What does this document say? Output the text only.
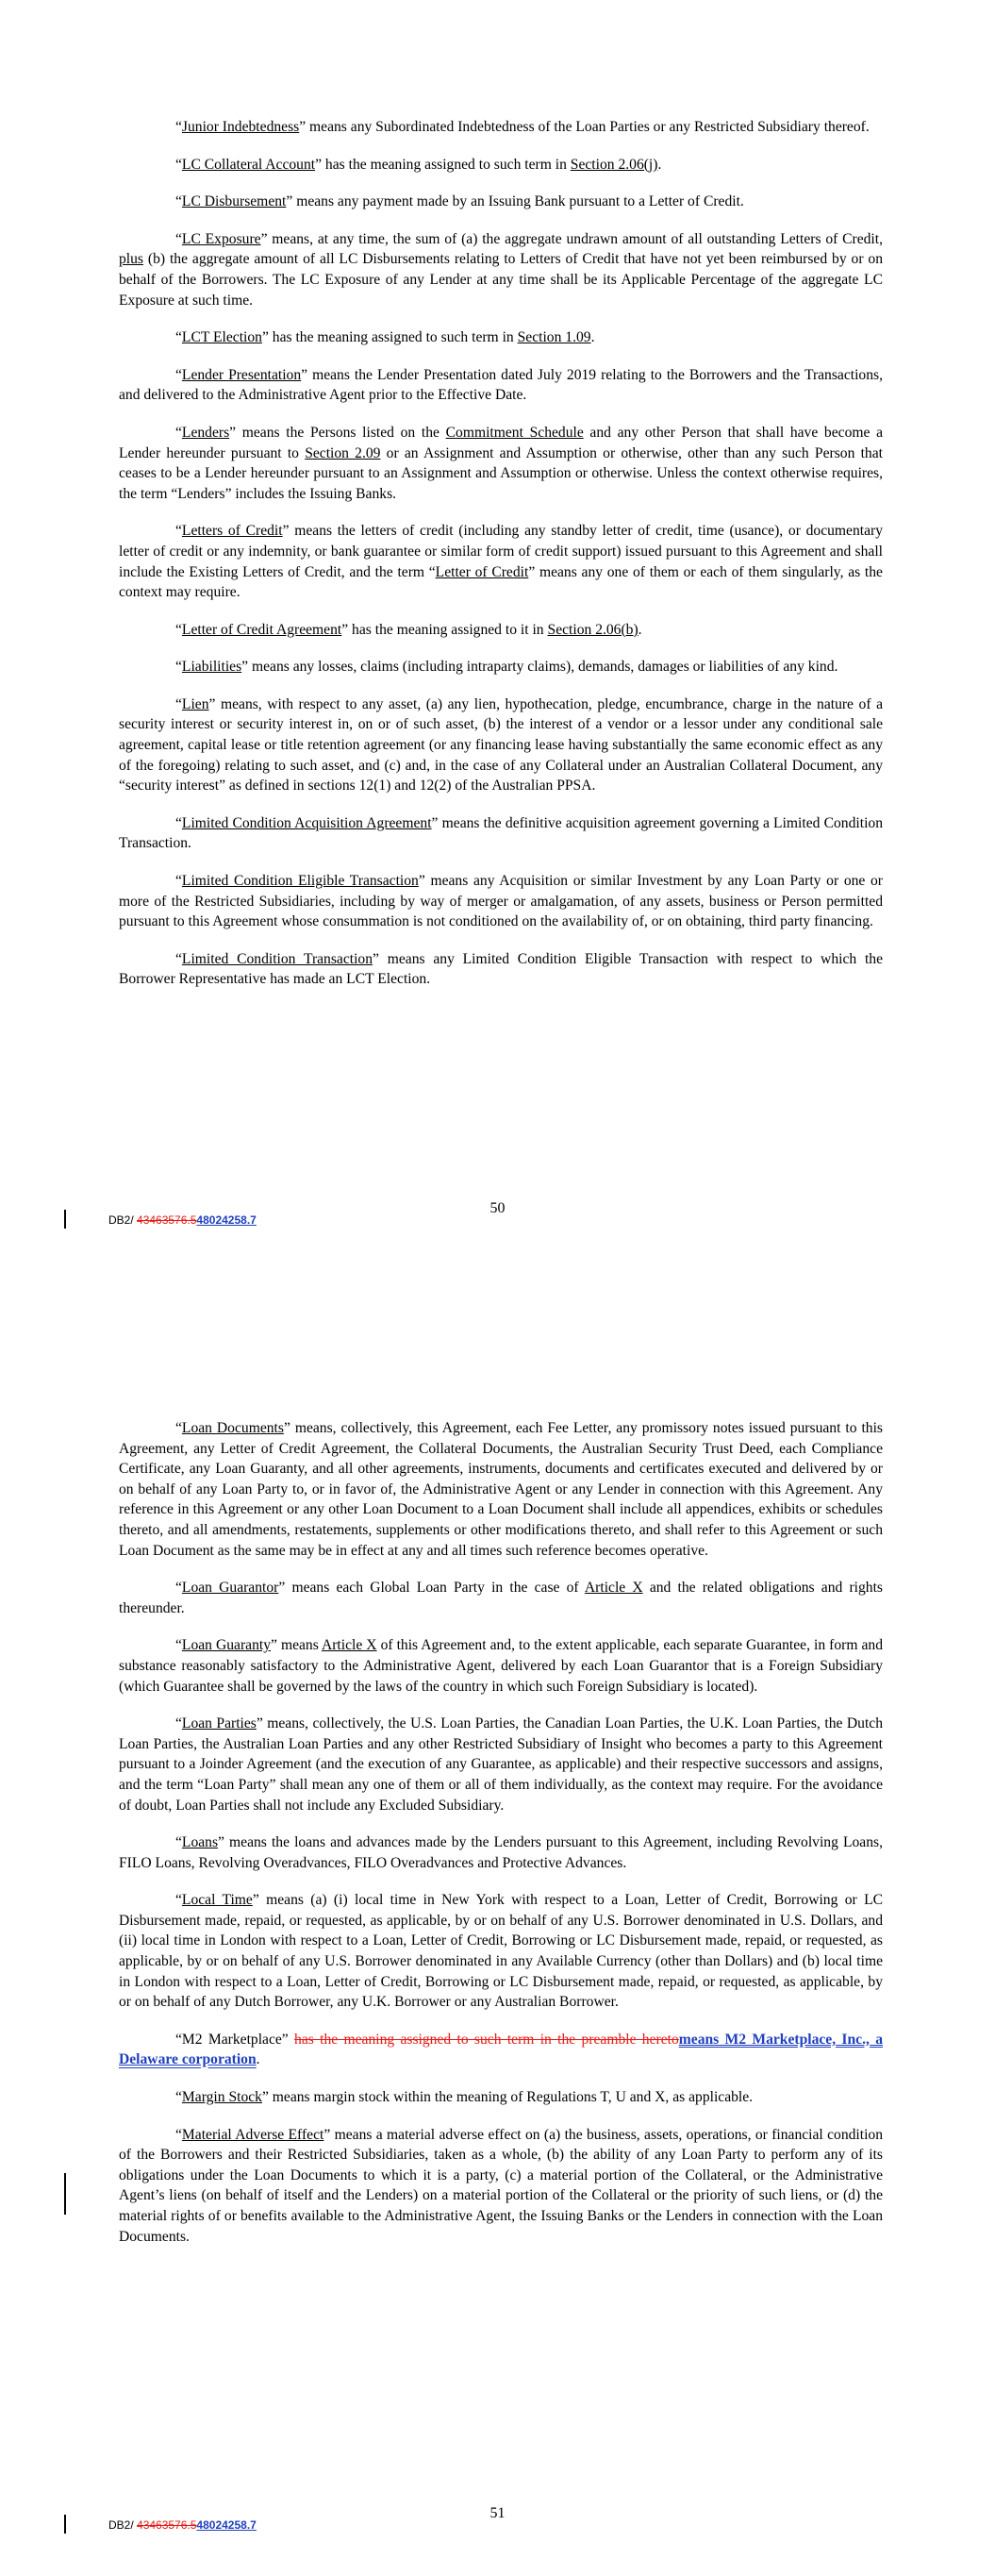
“Junior Indebtedness” means any Subordinated Indebtedness of the Loan Parties or any Restricted Subsidiary thereof.

“LC Collateral Account” has the meaning assigned to such term in Section 2.06(j).

“LC Disbursement” means any payment made by an Issuing Bank pursuant to a Letter of Credit.

“LC Exposure” means, at any time, the sum of (a) the aggregate undrawn amount of all outstanding Letters of Credit, plus (b) the aggregate amount of all LC Disbursements relating to Letters of Credit that have not yet been reimbursed by or on behalf of the Borrowers. The LC Exposure of any Lender at any time shall be its Applicable Percentage of the aggregate LC Exposure at such time.

“LCT Election” has the meaning assigned to such term in Section 1.09.

“Lender Presentation” means the Lender Presentation dated July 2019 relating to the Borrowers and the Transactions, and delivered to the Administrative Agent prior to the Effective Date.

“Lenders” means the Persons listed on the Commitment Schedule and any other Person that shall have become a Lender hereunder pursuant to Section 2.09 or an Assignment and Assumption or otherwise, other than any such Person that ceases to be a Lender hereunder pursuant to an Assignment and Assumption or otherwise. Unless the context otherwise requires, the term “Lenders” includes the Issuing Banks.

“Letters of Credit” means the letters of credit (including any standby letter of credit, time (usance), or documentary letter of credit or any indemnity, or bank guarantee or similar form of credit support) issued pursuant to this Agreement and shall include the Existing Letters of Credit, and the term “Letter of Credit” means any one of them or each of them singularly, as the context may require.

“Letter of Credit Agreement” has the meaning assigned to it in Section 2.06(b).

“Liabilities” means any losses, claims (including intraparty claims), demands, damages or liabilities of any kind.

“Lien” means, with respect to any asset, (a) any lien, hypothecation, pledge, encumbrance, charge in the nature of a security interest or security interest in, on or of such asset, (b) the interest of a vendor or a lessor under any conditional sale agreement, capital lease or title retention agreement (or any financing lease having substantially the same economic effect as any of the foregoing) relating to such asset, and (c) and, in the case of any Collateral under an Australian Collateral Document, any “security interest” as defined in sections 12(1) and 12(2) of the Australian PPSA.

“Limited Condition Acquisition Agreement” means the definitive acquisition agreement governing a Limited Condition Transaction.

“Limited Condition Eligible Transaction” means any Acquisition or similar Investment by any Loan Party or one or more of the Restricted Subsidiaries, including by way of merger or amalgamation, of any assets, business or Person permitted pursuant to this Agreement whose consummation is not conditioned on the availability of, or on obtaining, third party financing.

“Limited Condition Transaction” means any Limited Condition Eligible Transaction with respect to which the Borrower Representative has made an LCT Election.

DB2/ 43463576.548024258.7
50

“Loan Documents” means, collectively, this Agreement, each Fee Letter, any promissory notes issued pursuant to this Agreement, any Letter of Credit Agreement, the Collateral Documents, the Australian Security Trust Deed, each Compliance Certificate, any Loan Guaranty, and all other agreements, instruments, documents and certificates executed and delivered by or on behalf of any Loan Party to, or in favor of, the Administrative Agent or any Lender in connection with this Agreement. Any reference in this Agreement or any other Loan Document to a Loan Document shall include all appendices, exhibits or schedules thereto, and all amendments, restatements, supplements or other modifications thereto, and shall refer to this Agreement or such Loan Document as the same may be in effect at any and all times such reference becomes operative.

“Loan Guarantor” means each Global Loan Party in the case of Article X and the related obligations and rights thereunder.

“Loan Guaranty” means Article X of this Agreement and, to the extent applicable, each separate Guarantee, in form and substance reasonably satisfactory to the Administrative Agent, delivered by each Loan Guarantor that is a Foreign Subsidiary (which Guarantee shall be governed by the laws of the country in which such Foreign Subsidiary is located).

“Loan Parties” means, collectively, the U.S. Loan Parties, the Canadian Loan Parties, the U.K. Loan Parties, the Dutch Loan Parties, the Australian Loan Parties and any other Restricted Subsidiary of Insight who becomes a party to this Agreement pursuant to a Joinder Agreement (and the execution of any Guarantee, as applicable) and their respective successors and assigns, and the term “Loan Party” shall mean any one of them or all of them individually, as the context may require. For the avoidance of doubt, Loan Parties shall not include any Excluded Subsidiary.

“Loans” means the loans and advances made by the Lenders pursuant to this Agreement, including Revolving Loans, FILO Loans, Revolving Overadvances, FILO Overadvances and Protective Advances.

“Local Time” means (a) (i) local time in New York with respect to a Loan, Letter of Credit, Borrowing or LC Disbursement made, repaid, or requested, as applicable, by or on behalf of any U.S. Borrower denominated in U.S. Dollars, and (ii) local time in London with respect to a Loan, Letter of Credit, Borrowing or LC Disbursement made, repaid, or requested, as applicable, by or on behalf of any U.S. Borrower denominated in any Available Currency (other than Dollars) and (b) local time in London with respect to a Loan, Letter of Credit, Borrowing or LC Disbursement made, repaid, or requested, as applicable, by or on behalf of any Dutch Borrower, any U.K. Borrower or any Australian Borrower.

“M2 Marketplace” has the meaning assigned to such term in the preamble heretomeans M2 Marketplace, Inc., a Delaware corporation.

“Margin Stock” means margin stock within the meaning of Regulations T, U and X, as applicable.

“Material Adverse Effect” means a material adverse effect on (a) the business, assets, operations, or financial condition of the Borrowers and their Restricted Subsidiaries, taken as a whole, (b) the ability of any Loan Party to perform any of its obligations under the Loan Documents to which it is a party, (c) a material portion of the Collateral, or the Administrative Agent’s liens (on behalf of itself and the Lenders) on a material portion of the Collateral or the priority of such liens, or (d) the material rights of or benefits available to the Administrative Agent, the Issuing Banks or the Lenders in connection with the Loan Documents.

DB2/ 43463576.548024258.7
51
